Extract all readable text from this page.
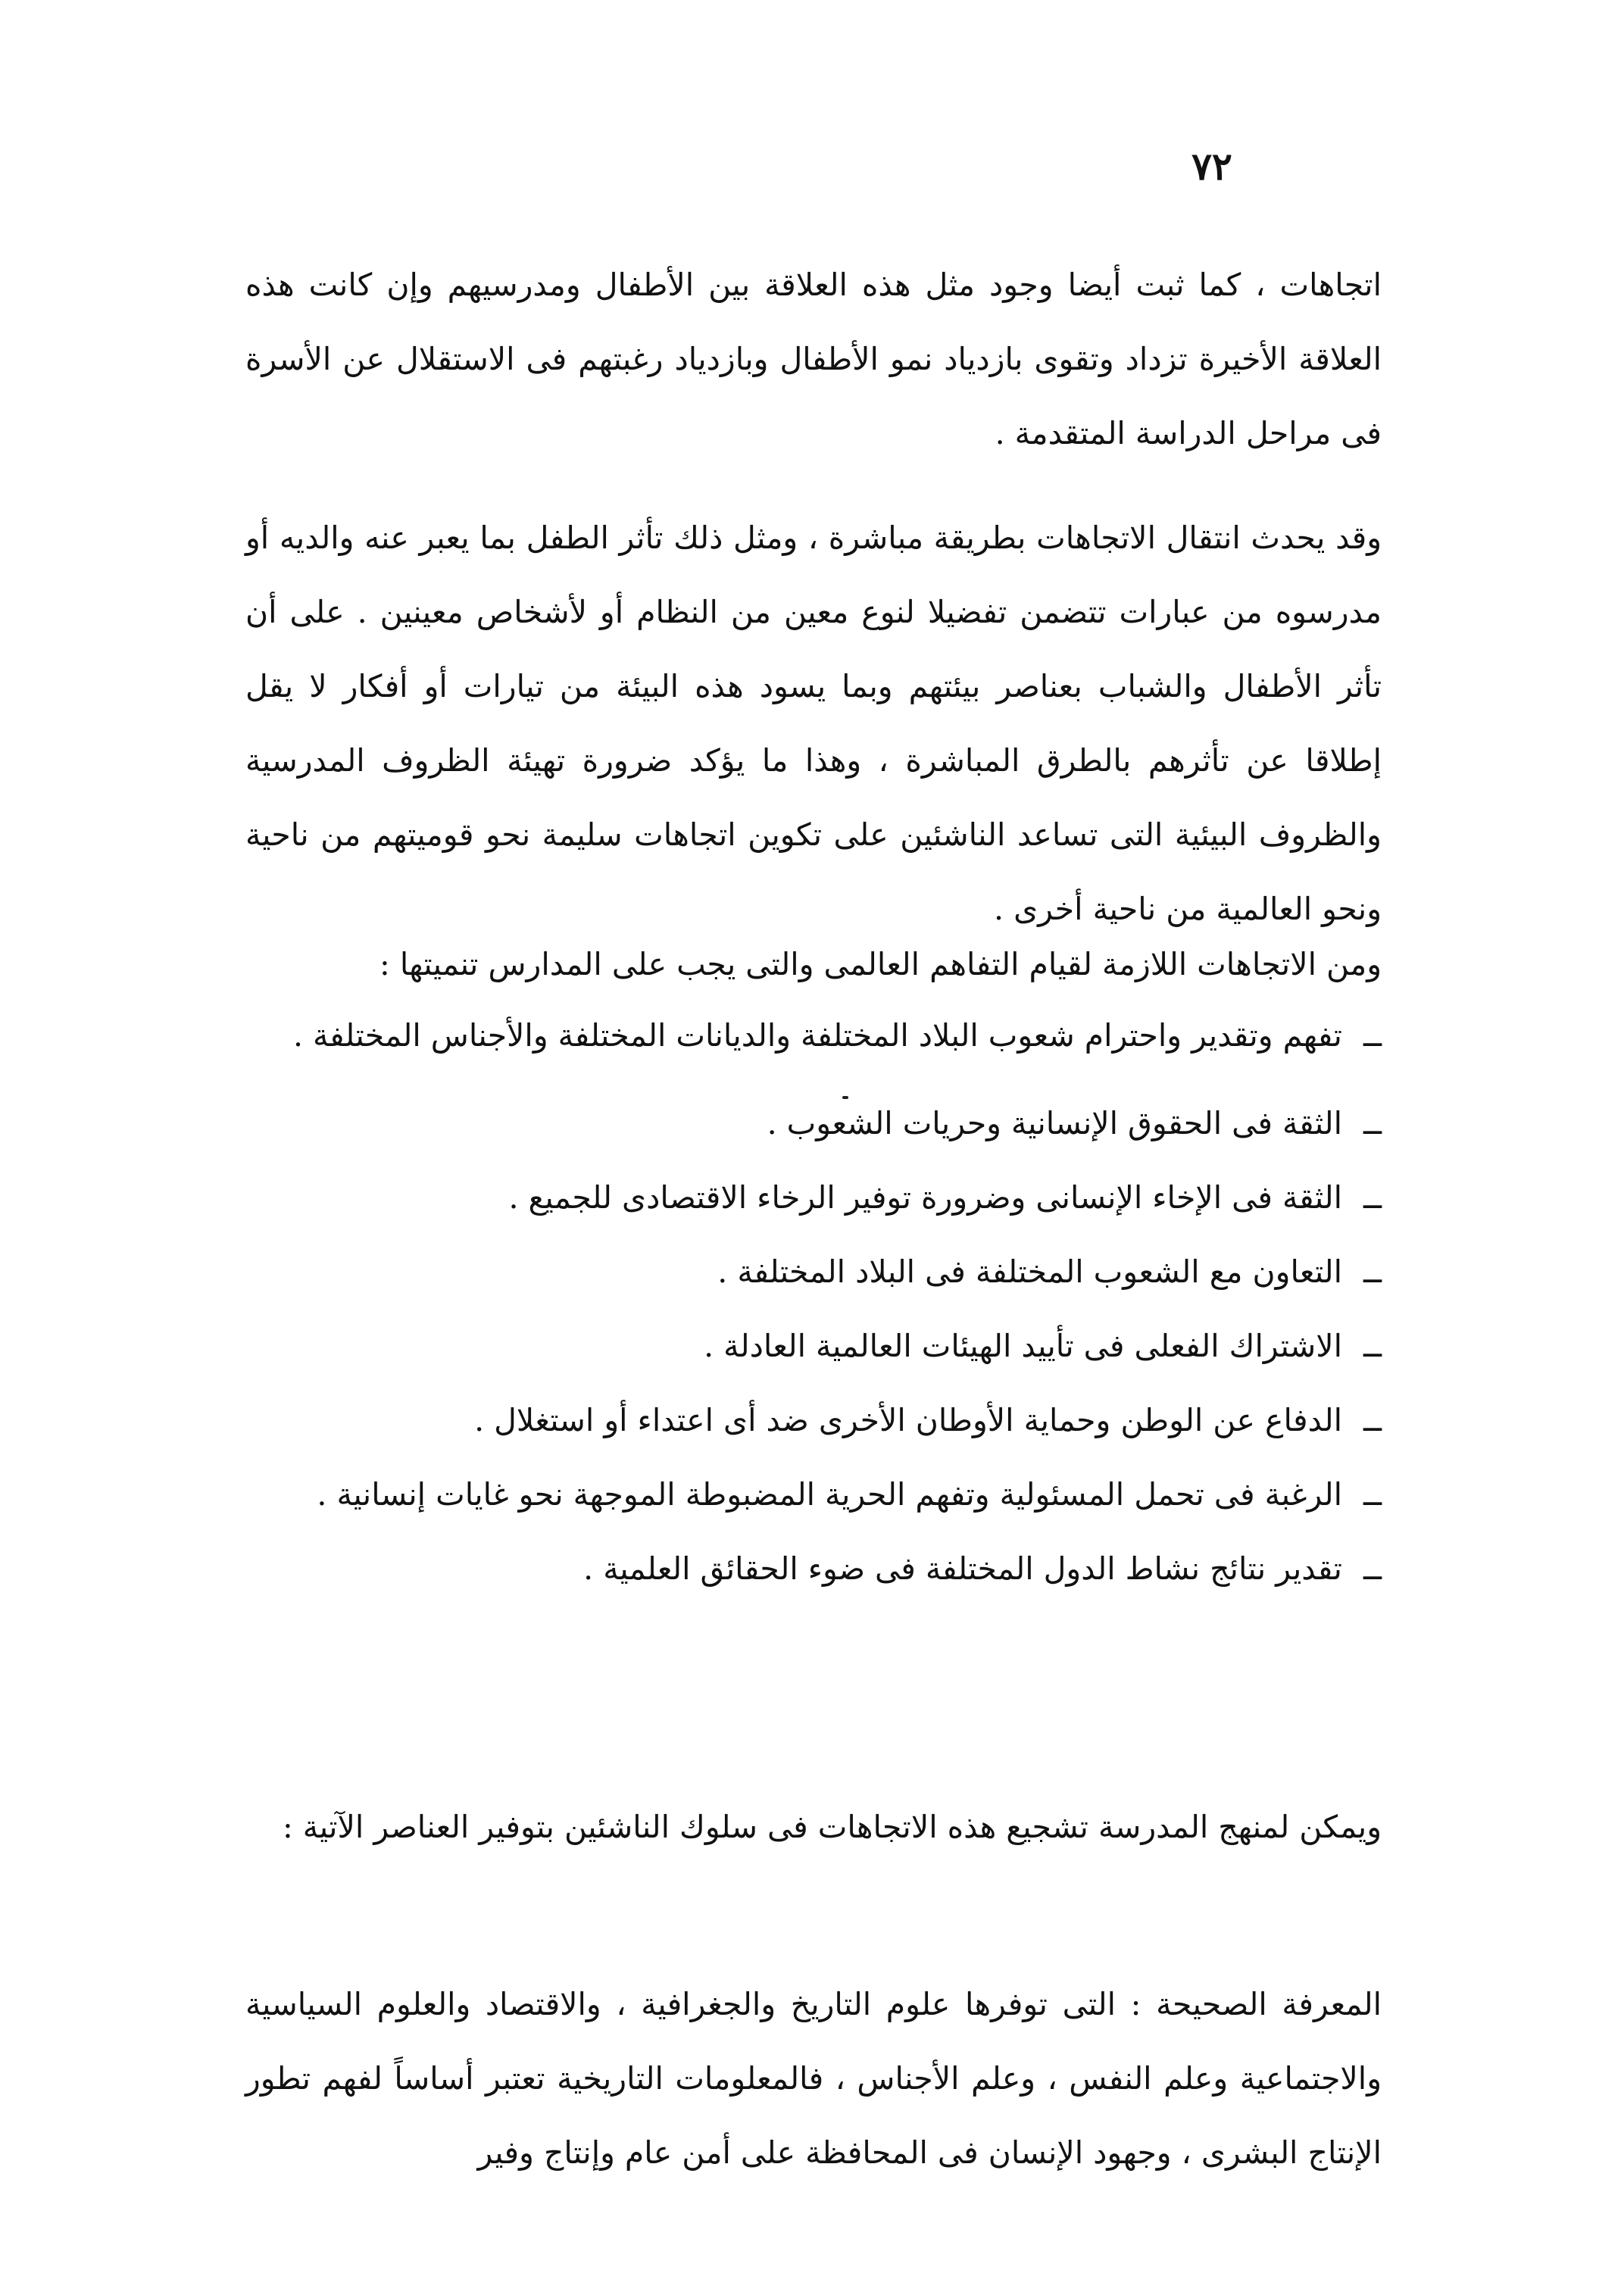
٧٢

اتجاهات ، كما ثبت أيضا وجود مثل هذه العلاقة بين الأطفال ومدرسيهم وإن كانت هذه العلاقة الأخيرة تزداد وتقوى بازدياد نمو الأطفال وبازدياد رغبتهم فى الاستقلال عن الأسرة فى مراحل الدراسة المتقدمة .

وقد يحدث انتقال الاتجاهات بطريقة مباشرة ، ومثل ذلك تأثر الطفل بما يعبر عنه والديه أو مدرسوه من عبارات تتضمن تفضيلا لنوع معين من النظام أو لأشخاص معينين . على أن تأثر الأطفال والشباب بعناصر بيئتهم وبما يسود هذه البيئة من تيارات أو أفكار لا يقل إطلاقا عن تأثرهم بالطرق المباشرة ، وهذا ما يؤكد ضرورة تهيئة الظروف المدرسية والظروف البيئية التى تساعد الناشئين على تكوين اتجاهات سليمة نحو قوميتهم من ناحية ونحو العالمية من ناحية أخرى .

ومن الاتجاهات اللازمة لقيام التفاهم العالمى والتى يجب على المدارس تنميتها :

ــتفهم وتقدير واحترام شعوب البلاد المختلفة والديانات المختلفة والأجناس المختلفة .
ــالثقة فى الحقوق الإنسانية وحريات الشعوب .
ــالثقة فى الإخاء الإنسانى وضرورة توفير الرخاء الاقتصادى للجميع .
ــالتعاون مع الشعوب المختلفة فى البلاد المختلفة .
ــالاشتراك الفعلى فى تأييد الهيئات العالمية العادلة .
ــالدفاع عن الوطن وحماية الأوطان الأخرى ضد أى اعتداء أو استغلال .
ــالرغبة فى تحمل المسئولية وتفهم الحرية المضبوطة الموجهة نحو غايات إنسانية .
ــتقدير نتائج نشاط الدول المختلفة فى ضوء الحقائق العلمية .

ويمكن لمنهج المدرسة تشجيع هذه الاتجاهات فى سلوك الناشئين بتوفير العناصر الآتية :

المعرفة الصحيحة : التى توفرها علوم التاريخ والجغرافية ، والاقتصاد والعلوم السياسية والاجتماعية وعلم النفس ، وعلم الأجناس ، فالمعلومات التاريخية تعتبر أساساً لفهم تطور الإنتاج البشرى ، وجهود الإنسان فى المحافظة على أمن عام وإنتاج وفير
